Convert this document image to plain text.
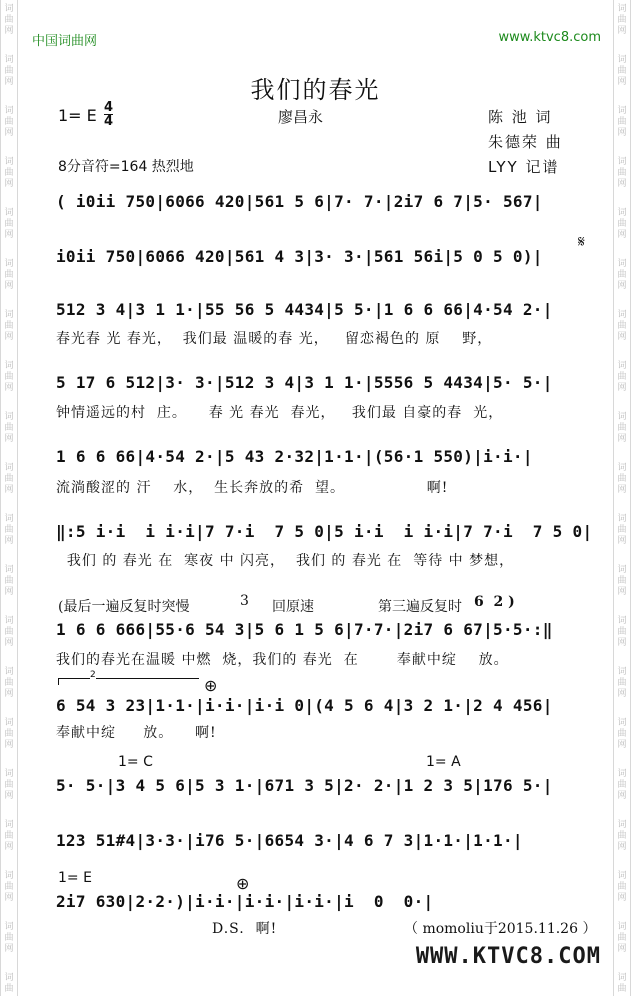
词
曲
网
词
曲
网
词
曲
网
词
曲
网
词
曲
网
词
曲
网
词
曲
网
词
曲
网
词
曲
网
词
曲
网
词
曲
网
词
曲
网
词
曲
网
词
曲
网
词
曲
网
词
曲
网
词
曲
网
词
曲
网
词
曲
网
词
曲
词
曲
网
词
曲
网
词
曲
网
词
曲
网
词
曲
网
词
曲
网
词
曲
网
词
曲
网
词
曲
网
词
曲
网
词
曲
网
词
曲
网
词
曲
网
词
曲
网
词
曲
网
词
曲
网
词
曲
网
词
曲
网
词
曲
网
词
曲
中国词曲网	www.ktvc8.com
我们的春光
1= E 4
4	廖昌永	陈 池 词
朱德荣 曲
LYY 记谱
8分音符=164 热烈地
( i0ii 750|6066 420|561 5 6|7· 7·|2i7 6 7|5· 567|
i0ii 750|6066 420|561 4 3|3· 3·|561 56i|5 0 5 0)|
𝄋
512 3 4|3 1 1·|55 56 5 4434|5 5·|1 6 6 66|4·54 2·|
春光春 光 春光，  我们最 温暖的春 光，   留恋褐色的 原    野，
5 17 6 512|3· 3·|512 3 4|3 1 1·|5556 5 4434|5· 5·|
钟情遥远的村  庄。    春 光 春光  春光，   我们最 自豪的春  光，
1 6 6 66|4·54 2·|5 43 2·32|1·1·|(56·1 550)|i·i·|
流淌酸涩的 汗    水，  生长奔放的希  望。               啊!
‖:5 i·i  i i·i|7 7·i  7 5 0|5 i·i  i i·i|7 7·i  7 5 0|
我们 的 春光 在  寒夜 中 闪亮，  我们 的 春光 在  等待 中 梦想，
(最后一遍反复时突慢	3 回原速	第三遍反复时 6  2 )
1 6 6 666|55·6 54 3|5 6 1 5 6|7·7·|2i7 6 67|5·5·:‖
我们的春光在温暖 中燃  烧，我们的 春光  在       奉献中绽    放。
2
⊕
6 54 3 23|1·1·|i·i·|i·i 0|(4 5 6 4|3 2 1·|2 4 456|
奉献中绽     放。    啊!
1= C	1= A
5· 5·|3 4 5 6|5 3 1·|671 3 5|2· 2·|1 2 3 5|176 5·|
123 51#4|3·3·|i76 5·|6654 3·|4 6 7 3|1·1·|1·1·|
1= E	⊕
2i7 630|2·2·)|i·i·|i·i·|i·i·|i  0  0·|
D.S.  啊!	（ momoliu于2015.11.26 ）
WWW.KTVC8.COM
